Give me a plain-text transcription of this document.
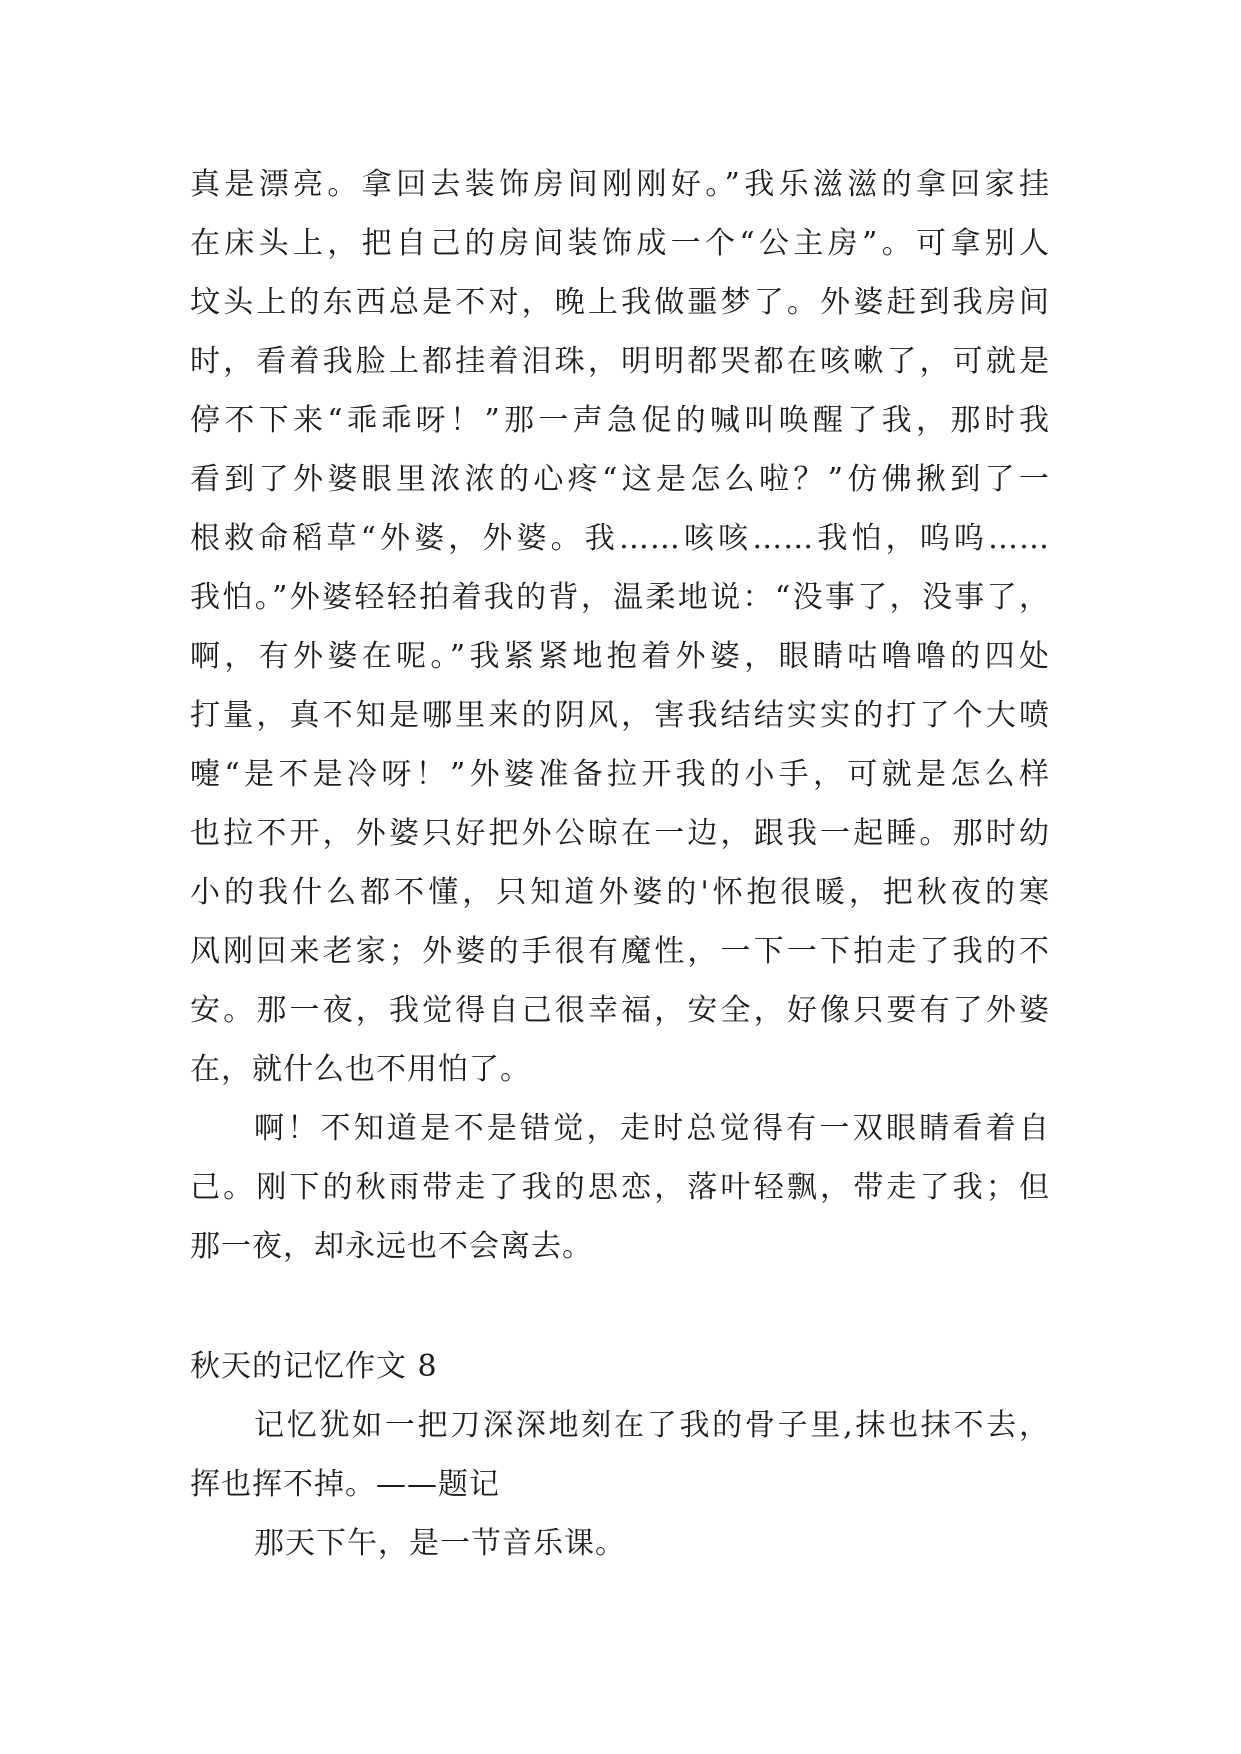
真是漂亮。拿回去装饰房间刚刚好。”我乐滋滋的拿回家挂
在床头上，把自己的房间装饰成一个“公主房”。可拿别人
坟头上的东西总是不对，晚上我做噩梦了。外婆赶到我房间
时，看着我脸上都挂着泪珠，明明都哭都在咳嗽了，可就是
停不下来“乖乖呀！”那一声急促的喊叫唤醒了我，那时我
看到了外婆眼里浓浓的心疼“这是怎么啦？”仿佛揪到了一
根救命稻草“外婆，外婆。我……咳咳……我怕，呜呜……
我怕。”外婆轻轻拍着我的背，温柔地说：“没事了，没事了，
啊，有外婆在呢。”我紧紧地抱着外婆，眼睛咕噜噜的四处
打量，真不知是哪里来的阴风，害我结结实实的打了个大喷
嚏“是不是冷呀！”外婆准备拉开我的小手，可就是怎么样
也拉不开，外婆只好把外公晾在一边，跟我一起睡。那时幼
小的我什么都不懂，只知道外婆的'怀抱很暖，把秋夜的寒
风刚回来老家；外婆的手很有魔性，一下一下拍走了我的不
安。那一夜，我觉得自己很幸福，安全，好像只要有了外婆
在，就什么也不用怕了。
啊！不知道是不是错觉，走时总觉得有一双眼睛看着自
己。刚下的秋雨带走了我的思恋，落叶轻飘，带走了我；但
那一夜，却永远也不会离去。
秋天的记忆作文 8
记忆犹如一把刀深深地刻在了我的骨子里,抹也抹不去，
挥也挥不掉。——题记
那天下午，是一节音乐课。
